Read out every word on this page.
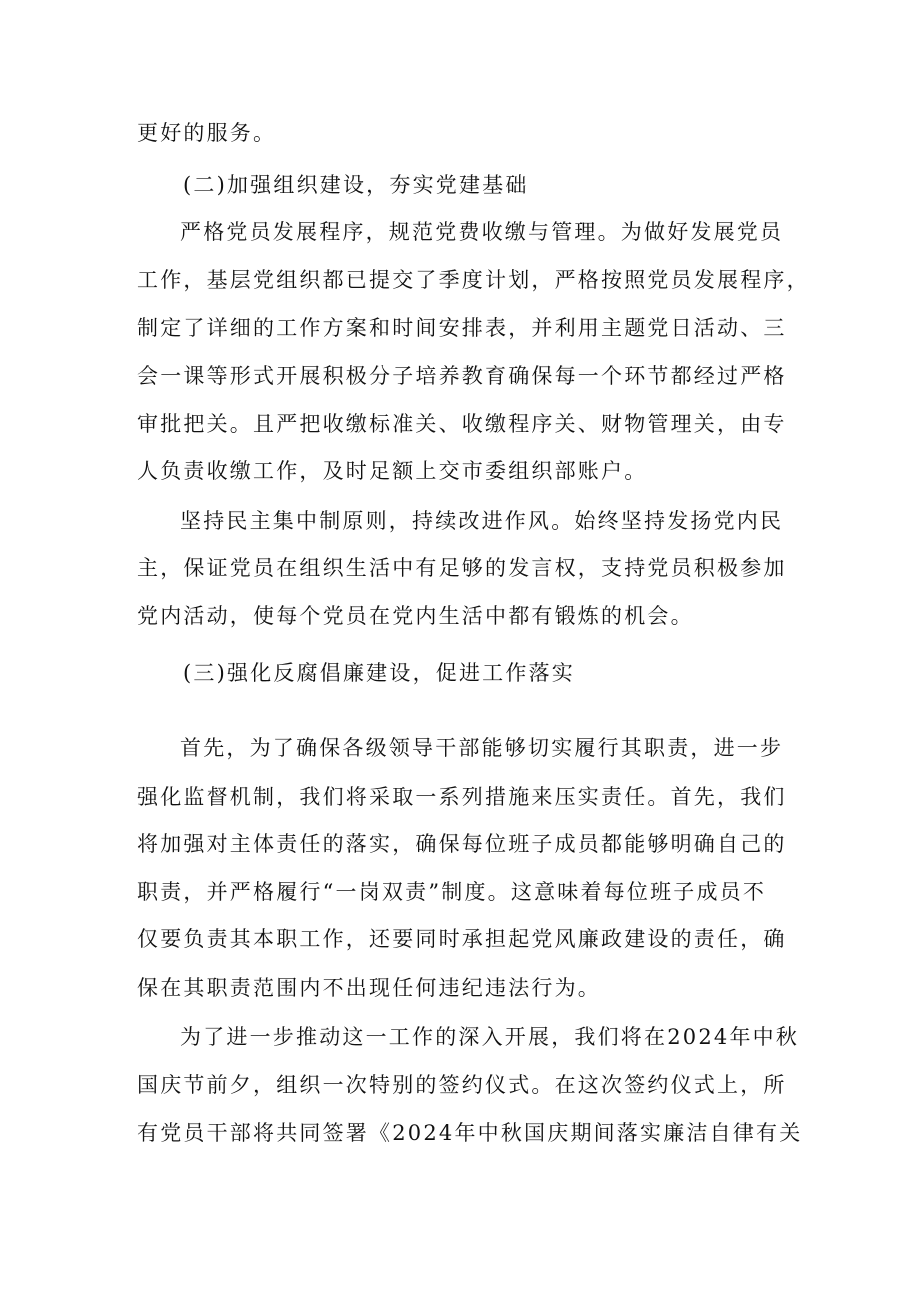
更好的服务。
(二)加强组织建设，夯实党建基础
严格党员发展程序，规范党费收缴与管理。为做好发展党员
工作，基层党组织都已提交了季度计划，严格按照党员发展程序，
制定了详细的工作方案和时间安排表，并利用主题党日活动、三
会一课等形式开展积极分子培养教育确保每一个环节都经过严格
审批把关。且严把收缴标准关、收缴程序关、财物管理关，由专
人负责收缴工作，及时足额上交市委组织部账户。
坚持民主集中制原则，持续改进作风。始终坚持发扬党内民
主，保证党员在组织生活中有足够的发言权，支持党员积极参加
党内活动，使每个党员在党内生活中都有锻炼的机会。
(三)强化反腐倡廉建设，促进工作落实
首先，为了确保各级领导干部能够切实履行其职责，进一步
强化监督机制，我们将采取一系列措施来压实责任。首先，我们
将加强对主体责任的落实，确保每位班子成员都能够明确自己的
职责，并严格履行“一岗双责”制度。这意味着每位班子成员不
仅要负责其本职工作，还要同时承担起党风廉政建设的责任，确
保在其职责范围内不出现任何违纪违法行为。
为了进一步推动这一工作的深入开展，我们将在2024年中秋
国庆节前夕，组织一次特别的签约仪式。在这次签约仪式上，所
有党员干部将共同签署《2024年中秋国庆期间落实廉洁自律有关
